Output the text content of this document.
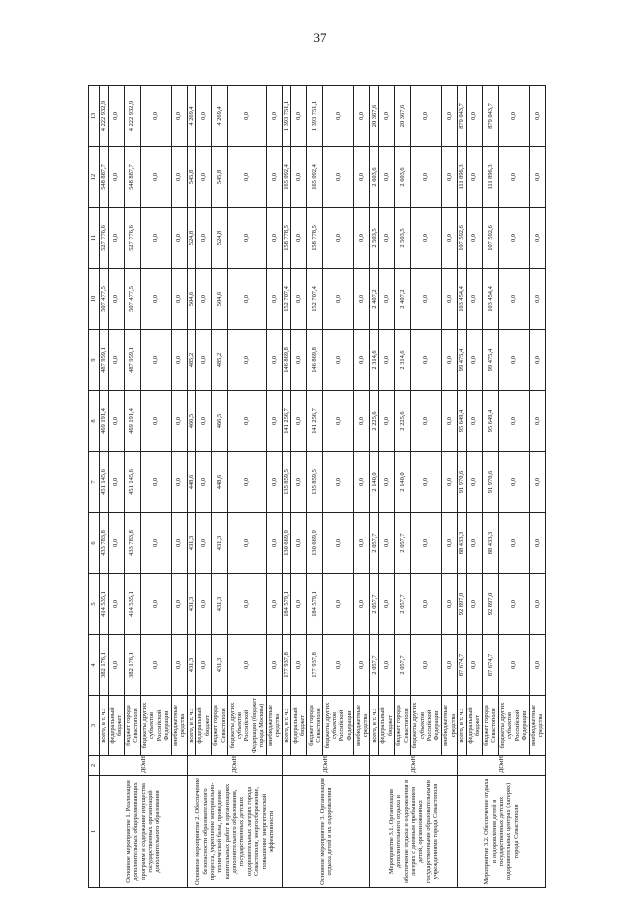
37
1	2	3	4	5	6	7	8	9	10	11	12	13
Основное мероприятие 1. Реализация дополнительных общеразвивающих программ и содержание имущества государственных организаций дополнительного образования	ДОиН	всего, в т. ч.:	382 176,1	414 535,1	433 783,8	451 145,6	469 191,4	487 959,1	507 477,5	527 776,6	548 887,7	4 222 932,9
		федеральный бюджет	0,0	0,0	0,0	0,0	0,0	0,0	0,0	0,0	0,0	0,0
		бюджет города Севастополя	382 176,1	414 535,1	433 783,8	451 145,6	469 191,4	487 959,1	507 477,5	527 776,6	548 887,7	4 222 932,9
		бюджеты других субъектов Российской Федерации	0,0	0,0	0,0	0,0	0,0	0,0	0,0	0,0	0,0	0,0
		внебюджетные средства	0,0	0,0	0,0	0,0	0,0	0,0	0,0	0,0	0,0	0,0
Основное мероприятие 2. Обеспечение безопасности образовательного процесса, укрепление материально-технической базы, проведение капитальных работ в организациях дополнительного образования, государственных детских оздоровительных лагерях города Севастополя, энергосбережение, повышение энергетической эффективности	ДОиН	всего, в т. ч.:	431,3	431,3	431,3	448,6	466,5	485,2	504,6	524,8	545,8	4 269,4
		федеральный бюджет	0,0	0,0	0,0	0,0	0,0	0,0	0,0	0,0	0,0	0,0
		бюджет города Севастополя	431,3	431,3	431,3	448,6	466,5	485,2	504,6	524,8	545,8	4 269,4
		бюджеты других субъектов Российской Федерации (бюджет города Москвы)	0,0	0,0	0,0	0,0	0,0	0,0	0,0	0,0	0,0	0,0
		внебюджетные средства	0,0	0,0	0,0	0,0	0,0	0,0	0,0	0,0	0,0	0,0
Основное мероприятие 3. Организация отдыха детей и их оздоровления	ДОиН	всего, в т. ч.:	177 937,8	184 579,1	130 669,9	135 859,5	141 256,7	146 869,8	152 707,4	158 778,5	165 092,4	1 393 751,1
		федеральный бюджет	0,0	0,0	0,0	0,0	0,0	0,0	0,0	0,0	0,0	0,0
		бюджет города Севастополя	177 937,8	184 579,1	130 669,9	135 859,5	141 256,7	146 869,8	152 707,4	158 778,5	165 092,4	1 393 751,1
		бюджеты других субъектов Российской Федерации	0,0	0,0	0,0	0,0	0,0	0,0	0,0	0,0	0,0	0,0
		внебюджетные средства	0,0	0,0	0,0	0,0	0,0	0,0	0,0	0,0	0,0	0,0
Мероприятие 3.1. Организация дополнительного отдыха и обеспечение отдыха и оздоровления в лагерях с дневным пребыванием детей, организованных государственными образовательными учреждениями города Севастополя	ДОиН	всего, в т. ч.:	2 057,7	2 057,7	2 057,7	2 140,0	2 225,6	2 314,6	2 407,2	2 503,5	2 603,6	20 367,6
		федеральный бюджет	0,0	0,0	0,0	0,0	0,0	0,0	0,0	0,0	0,0	0,0
		бюджет города Севастополя	2 057,7	2 057,7	2 057,7	2 140,0	2 225,6	2 314,6	2 407,2	2 503,5	2 603,6	20 367,6
		бюджеты других субъектов Российской Федерации	0,0	0,0	0,0	0,0	0,0	0,0	0,0	0,0	0,0	0,0
		внебюджетные средства	0,0	0,0	0,0	0,0	0,0	0,0	0,0	0,0	0,0	0,0
Мероприятие 3.2. Обеспечение отдыха и оздоровления детей в государственных детских оздоровительных центрах (лагерях) города Севастополя	ДОиН	всего, в т. ч.:	87 674,7	92 897,0	88 433,3	91 970,6	95 649,4	99 475,4	103 454,4	107 592,6	111 896,3	879 043,7
		федеральный бюджет	0,0	0,0	0,0	0,0	0,0	0,0	0,0	0,0	0,0	0,0
		бюджет города Севастополя	87 674,7	92 897,0	88 433,3	91 970,6	95 649,4	99 475,4	103 454,4	107 592,6	111 896,3	879 043,7
		бюджеты других субъектов Российской Федерации	0,0	0,0	0,0	0,0	0,0	0,0	0,0	0,0	0,0	0,0
		внебюджетные средства	0,0	0,0	0,0	0,0	0,0	0,0	0,0	0,0	0,0	0,0
